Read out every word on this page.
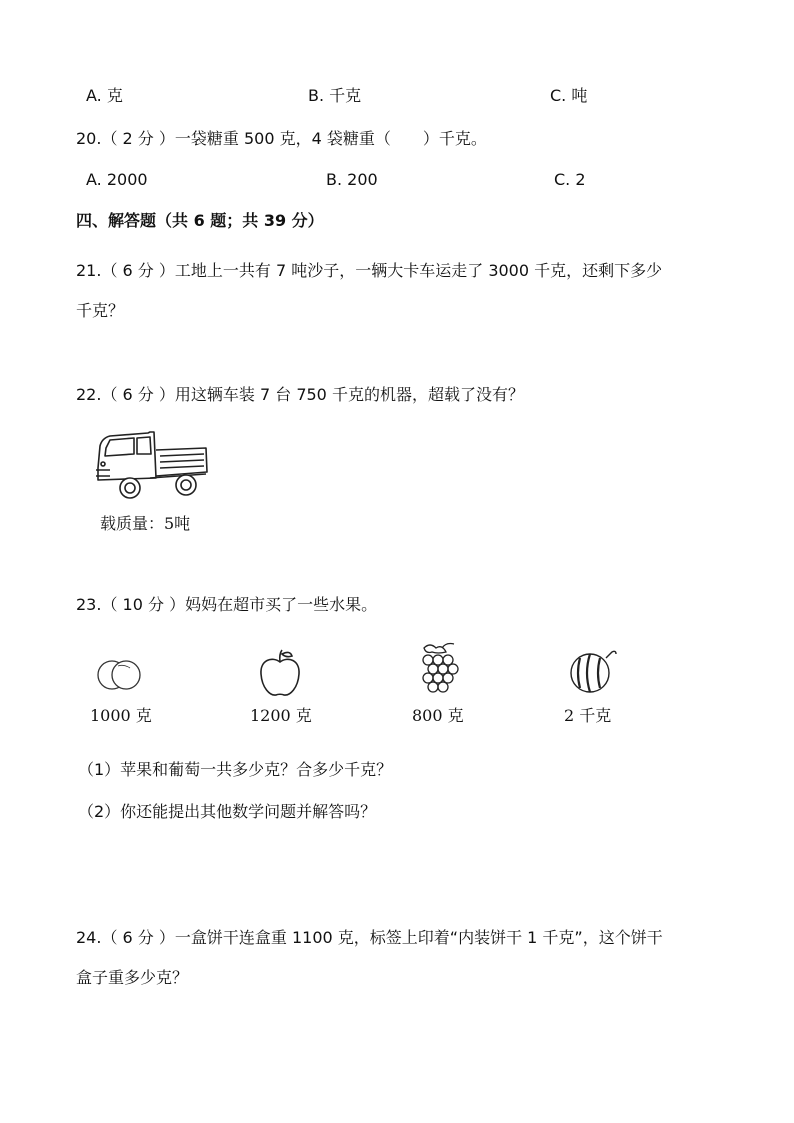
A. 克	B. 千克	C. 吨
20.（ 2 分 ）一袋糖重 500 克，4 袋糖重（　　）千克。
A. 2000	B. 200	C. 2
四、解答题（共 6 题；共 39 分）
21.（ 6 分 ）工地上一共有 7 吨沙子，一辆大卡车运走了 3000 千克，还剩下多少
千克？
22.（ 6 分 ）用这辆车装 7 台 750 千克的机器，超载了没有？
载质量：5吨
23.（ 10 分 ）妈妈在超市买了一些水果。
1000 克	1200 克	800 克	2 千克
（1）苹果和葡萄一共多少克？合多少千克？
（2）你还能提出其他数学问题并解答吗？
24.（ 6 分 ）一盒饼干连盒重 1100 克，标签上印着“内装饼干 1 千克”，这个饼干
盒子重多少克？
